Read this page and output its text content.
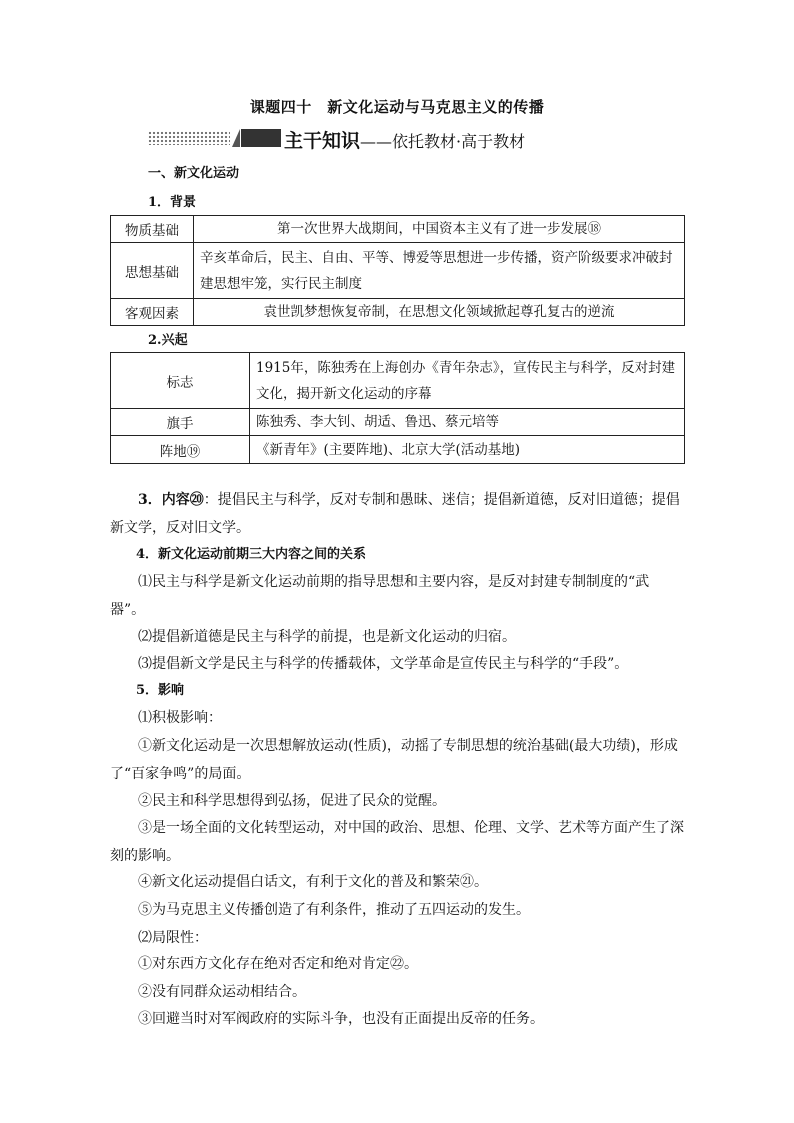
课题四十　新文化运动与马克思主义的传播
主干知识——依托教材·高于教材
一、新文化运动
1．背景
物质基础	第一次世界大战期间，中国资本主义有了进一步发展⑱
思想基础	辛亥革命后，民主、自由、平等、博爱等思想进一步传播，资产阶级要求冲破封建思想牢笼，实行民主制度
客观因素	袁世凯梦想恢复帝制，在思想文化领域掀起尊孔复古的逆流
2.兴起
标志	1915年，陈独秀在上海创办《青年杂志》，宣传民主与科学，反对封建文化，揭开新文化运动的序幕
旗手	陈独秀、李大钊、胡适、鲁迅、蔡元培等
阵地⑲	《新青年》(主要阵地)、北京大学(活动基地)
3．内容⑳：提倡民主与科学，反对专制和愚昧、迷信；提倡新道德，反对旧道德；提倡新文学，反对旧文学。
4．新文化运动前期三大内容之间的关系
⑴民主与科学是新文化运动前期的指导思想和主要内容，是反对封建专制制度的“武器”。
⑵提倡新道德是民主与科学的前提，也是新文化运动的归宿。
⑶提倡新文学是民主与科学的传播载体，文学革命是宣传民主与科学的“手段”。
5．影响
⑴积极影响：
①新文化运动是一次思想解放运动(性质)，动摇了专制思想的统治基础(最大功绩)，形成了“百家争鸣”的局面。
②民主和科学思想得到弘扬，促进了民众的觉醒。
③是一场全面的文化转型运动，对中国的政治、思想、伦理、文学、艺术等方面产生了深刻的影响。
④新文化运动提倡白话文，有利于文化的普及和繁荣㉑。
⑤为马克思主义传播创造了有利条件，推动了五四运动的发生。
⑵局限性：
①对东西方文化存在绝对否定和绝对肯定㉒。
②没有同群众运动相结合。
③回避当时对军阀政府的实际斗争，也没有正面提出反帝的任务。
